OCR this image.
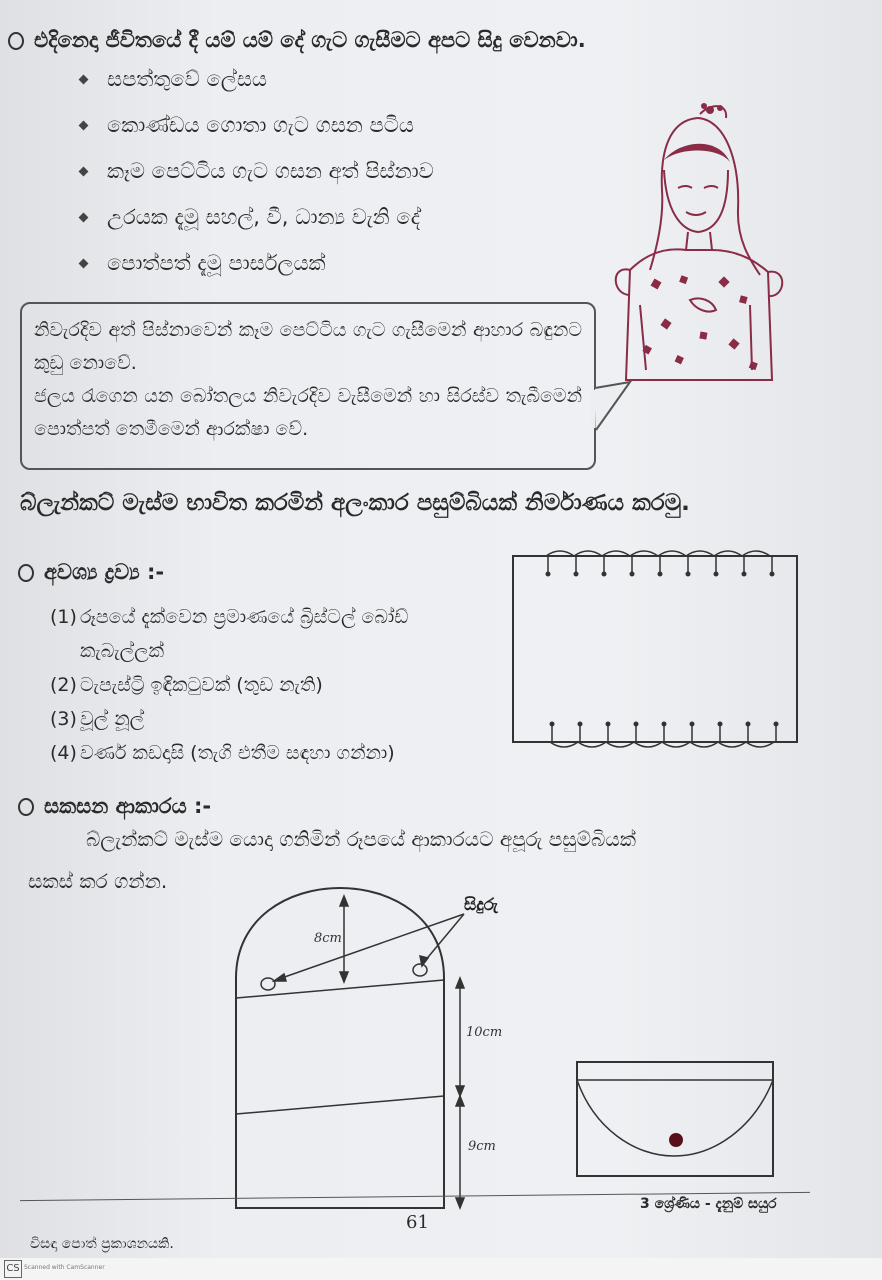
එදිනෙදා ජීවිතයේ දී යම් යම් දේ ගැට ගැසීමට අපට සිදු වෙනවා.
සපත්තුවේ ලේසය
කොණ්ඩය ගොතා ගැට ගසන පටිය
කෑම පෙට්ටිය ගැට ගසන අත් පිස්නාව
උරයක දැමූ සහල්, වී, ධාන්‍ය වැනි දේ
පොත්පත් දැමූ පාර්සලයක්

නිවැරදිව අත් පිස්නාවෙන් කෑම පෙට්ටිය ගැට ගැසීමෙන් ආහාර බඳුනට කුඩු නොවේ.

ජලය රැගෙන යන බෝතලය නිවැරදිව වැසීමෙන් හා සිරස්ව තැබීමෙන් පොත්පත් තෙමීමෙන් ආරක්ෂා වේ.

බ්ලැන්කට් මැස්ම භාවිත කරමින් අලංකාර පසුම්බියක් නිර්මාණය කරමු.
අවශ්‍ය ද්‍රව්‍ය :-
(1) රූපයේ දැක්වෙන ප්‍රමාණයේ බ්‍රිස්ටල් බෝඩ්
කැබැල්ලක්
(2) ටැපැස්ට්‍රි ඉඳිකටුවක් (තුඩ නැති)
(3) වූල් නූල්
(4) වර්ණ කඩදාසි (තැගි එතීම සඳහා ගන්නා)
සකසන ආකාරය :-
බ්ලැන්කට් මැස්ම යොදා ගනිමින් රූපයේ ආකාරයට අපූරු පසුම්බියක්
සකස් කර ගන්න.
8cm
10cm
9cm
සිදුරු
3 ශ්‍රේණිය - දැනුම් සයුර
61
විසඳා පොත් ප්‍රකාශනයකි.
CS Scanned with CamScanner
